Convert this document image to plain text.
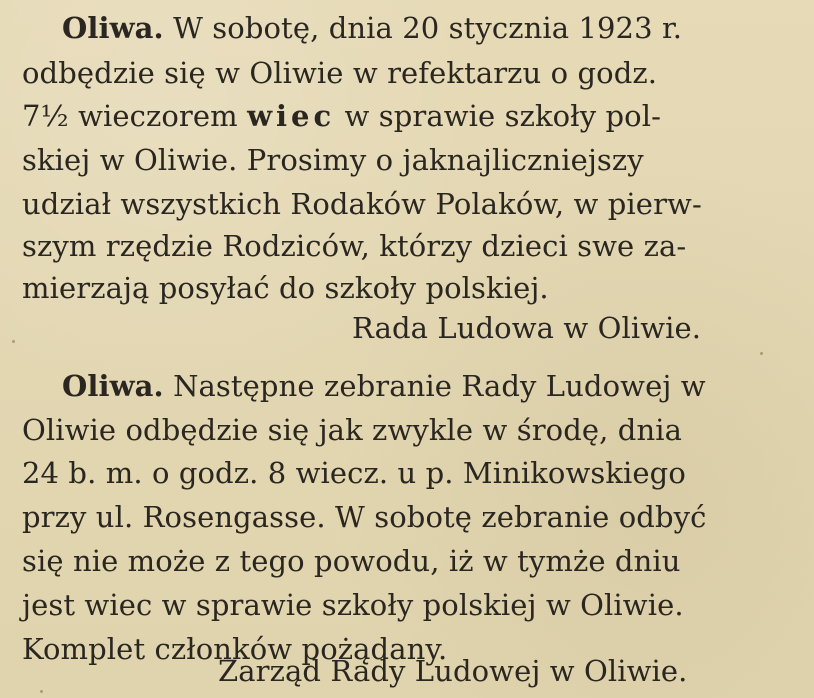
Oliwa. W sobotę, dnia 20 stycznia 1923 r.
odbędzie się w Oliwie w refektarzu o godz.
7½ wieczorem wiec w sprawie szkoły pol-
skiej w Oliwie. Prosimy o jaknajliczniejszy
udział wszystkich Rodaków Polaków, w pierw-
szym rzędzie Rodziców, którzy dzieci swe za-
mierzają posyłać do szkoły polskiej.
Rada Ludowa w Oliwie.
Oliwa. Następne zebranie Rady Ludowej w
Oliwie odbędzie się jak zwykle w środę, dnia
24 b. m. o godz. 8 wiecz. u p. Minikowskiego
przy ul. Rosengasse. W sobotę zebranie odbyć
się nie może z tego powodu, iż w tymże dniu
jest wiec w sprawie szkoły polskiej w Oliwie.
Komplet członków pożądany.
Zarząd Rady Ludowej w Oliwie.
